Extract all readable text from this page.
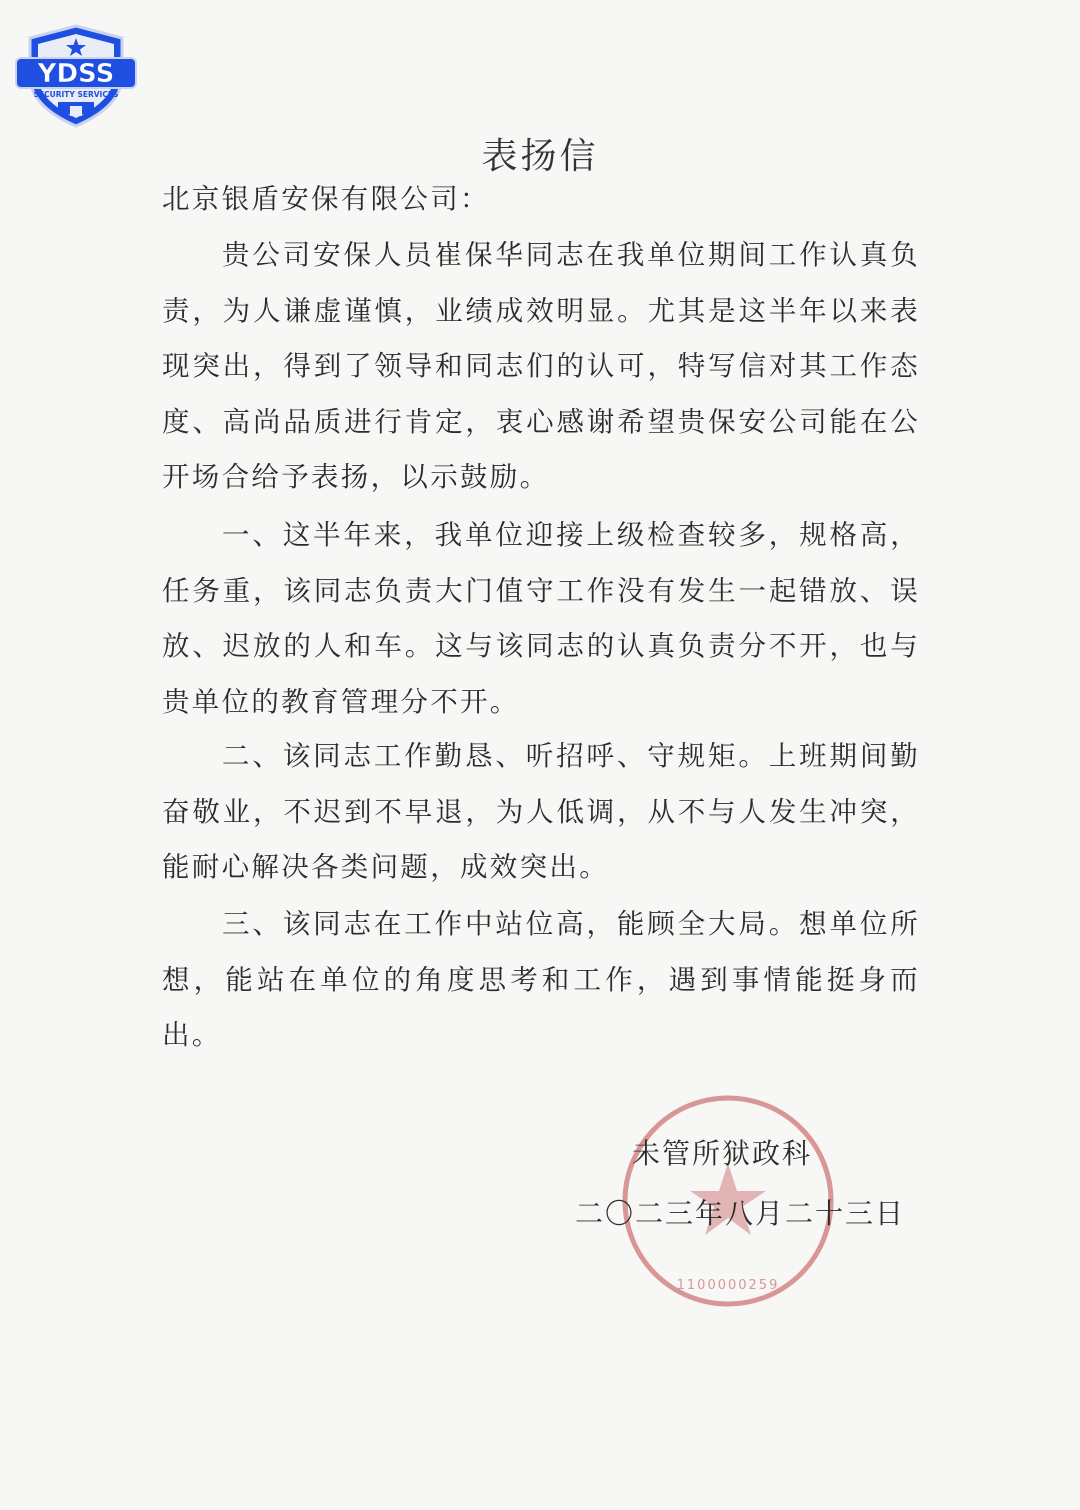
YDSS
SECURITY SERVICES
表扬信

北京银盾安保有限公司：

贵公司安保人员崔保华同志在我单位期间工作认真负责，为人谦虚谨慎，业绩成效明显。尤其是这半年以来表现突出，得到了领导和同志们的认可，特写信对其工作态度、高尚品质进行肯定，衷心感谢希望贵保安公司能在公开场合给予表扬，以示鼓励。

一、这半年来，我单位迎接上级检查较多，规格高，任务重，该同志负责大门值守工作没有发生一起错放、误放、迟放的人和车。这与该同志的认真负责分不开，也与贵单位的教育管理分不开。

二、该同志工作勤恳、听招呼、守规矩。上班期间勤奋敬业，不迟到不早退，为人低调，从不与人发生冲突，能耐心解决各类问题，成效突出。

三、该同志在工作中站位高，能顾全大局。想单位所想，能站在单位的角度思考和工作，遇到事情能挺身而出。

1100000259
未管所狱政科
二〇二三年八月二十三日
